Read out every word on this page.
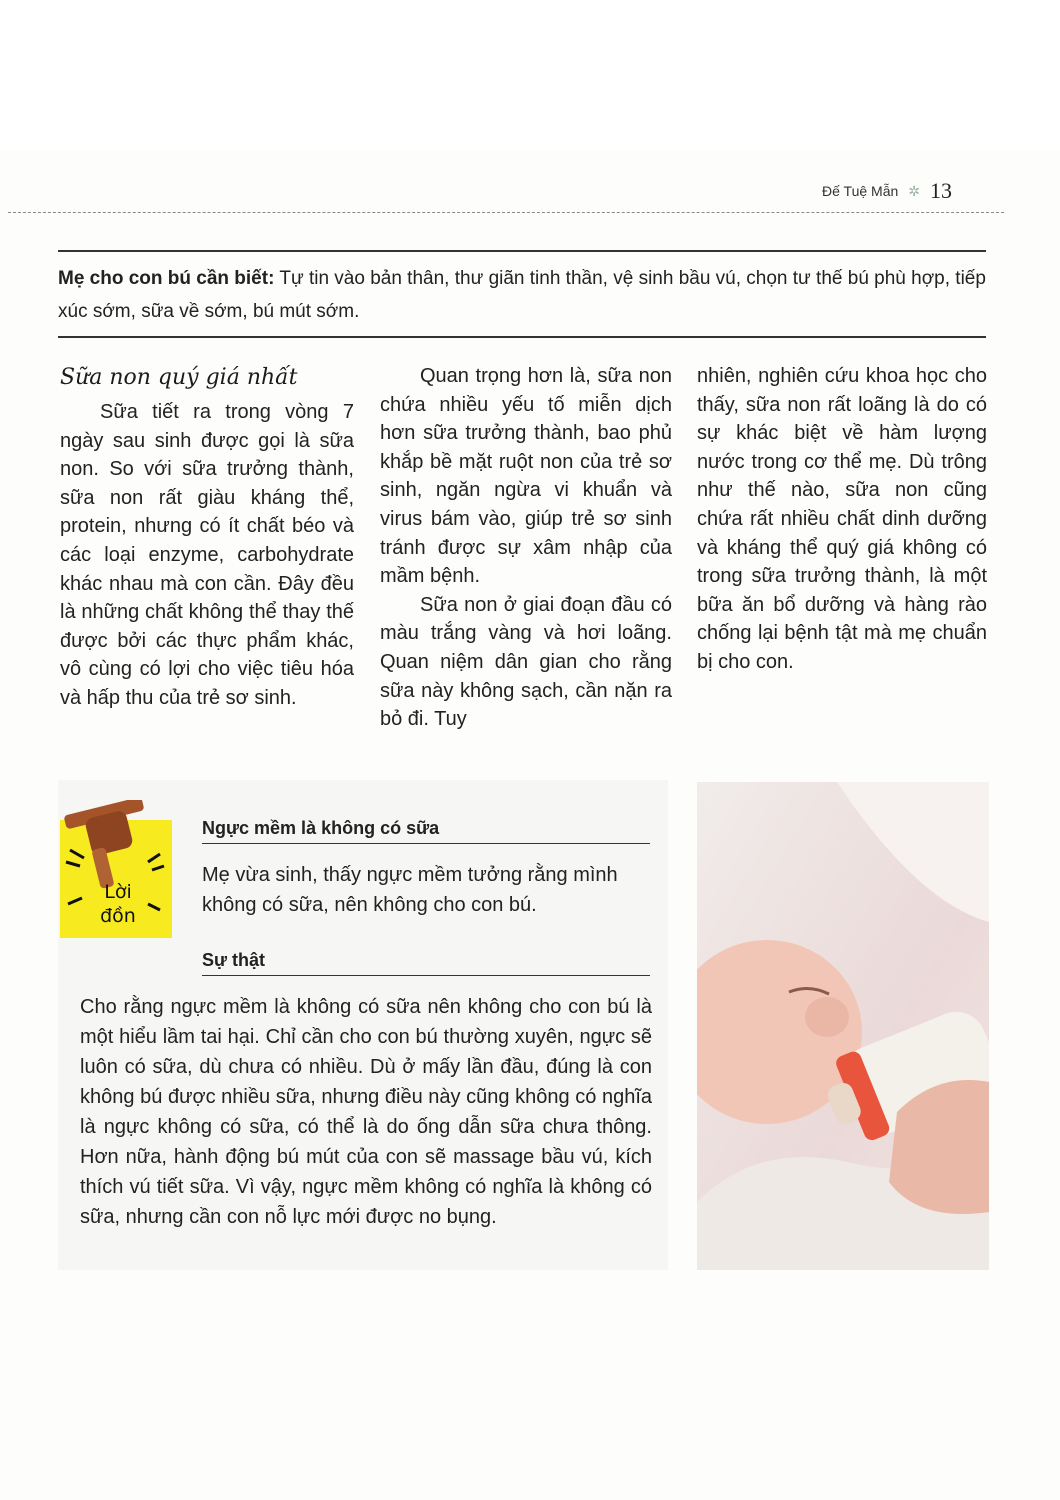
Đế Tuệ Mẫn ✲ 13

Mẹ cho con bú cần biết: Tự tin vào bản thân, thư giãn tinh thần, vệ sinh bầu vú, chọn tư thế bú phù hợp, tiếp xúc sớm, sữa về sớm, bú mút sớm.

Sữa non quý giá nhất

Sữa tiết ra trong vòng 7 ngày sau sinh được gọi là sữa non. So với sữa trưởng thành, sữa non rất giàu kháng thể, protein, nhưng có ít chất béo và các loại enzyme, carbohydrate khác nhau mà con cần. Đây đều là những chất không thể thay thế được bởi các thực phẩm khác, vô cùng có lợi cho việc tiêu hóa và hấp thu của trẻ sơ sinh.

Quan trọng hơn là, sữa non chứa nhiều yếu tố miễn dịch hơn sữa trưởng thành, bao phủ khắp bề mặt ruột non của trẻ sơ sinh, ngăn ngừa vi khuẩn và virus bám vào, giúp trẻ sơ sinh tránh được sự xâm nhập của mầm bệnh.

Sữa non ở giai đoạn đầu có màu trắng vàng và hơi loãng. Quan niệm dân gian cho rằng sữa này không sạch, cần nặn ra bỏ đi. Tuy

nhiên, nghiên cứu khoa học cho thấy, sữa non rất loãng là do có sự khác biệt về hàm lượng nước trong cơ thể mẹ. Dù trông như thế nào, sữa non cũng chứa rất nhiều chất dinh dưỡng và kháng thể quý giá không có trong sữa trưởng thành, là một bữa ăn bổ dưỡng và hàng rào chống lại bệnh tật mà mẹ chuẩn bị cho con.

Lời
đồn
Lời đồn
Ngực mềm là không có sữa
Mẹ vừa sinh, thấy ngực mềm tưởng rằng mình không có sữa, nên không cho con bú.
Sự thật
Cho rằng ngực mềm là không có sữa nên không cho con bú là một hiểu lầm tai hại. Chỉ cần cho con bú thường xuyên, ngực sẽ luôn có sữa, dù chưa có nhiều. Dù ở mấy lần đầu, đúng là con không bú được nhiều sữa, nhưng điều này cũng không có nghĩa là ngực không có sữa, có thể là do ống dẫn sữa chưa thông. Hơn nữa, hành động bú mút của con sẽ massage bầu vú, kích thích vú tiết sữa. Vì vậy, ngực mềm không có nghĩa là không có sữa, nhưng cần con nỗ lực mới được no bụng.
